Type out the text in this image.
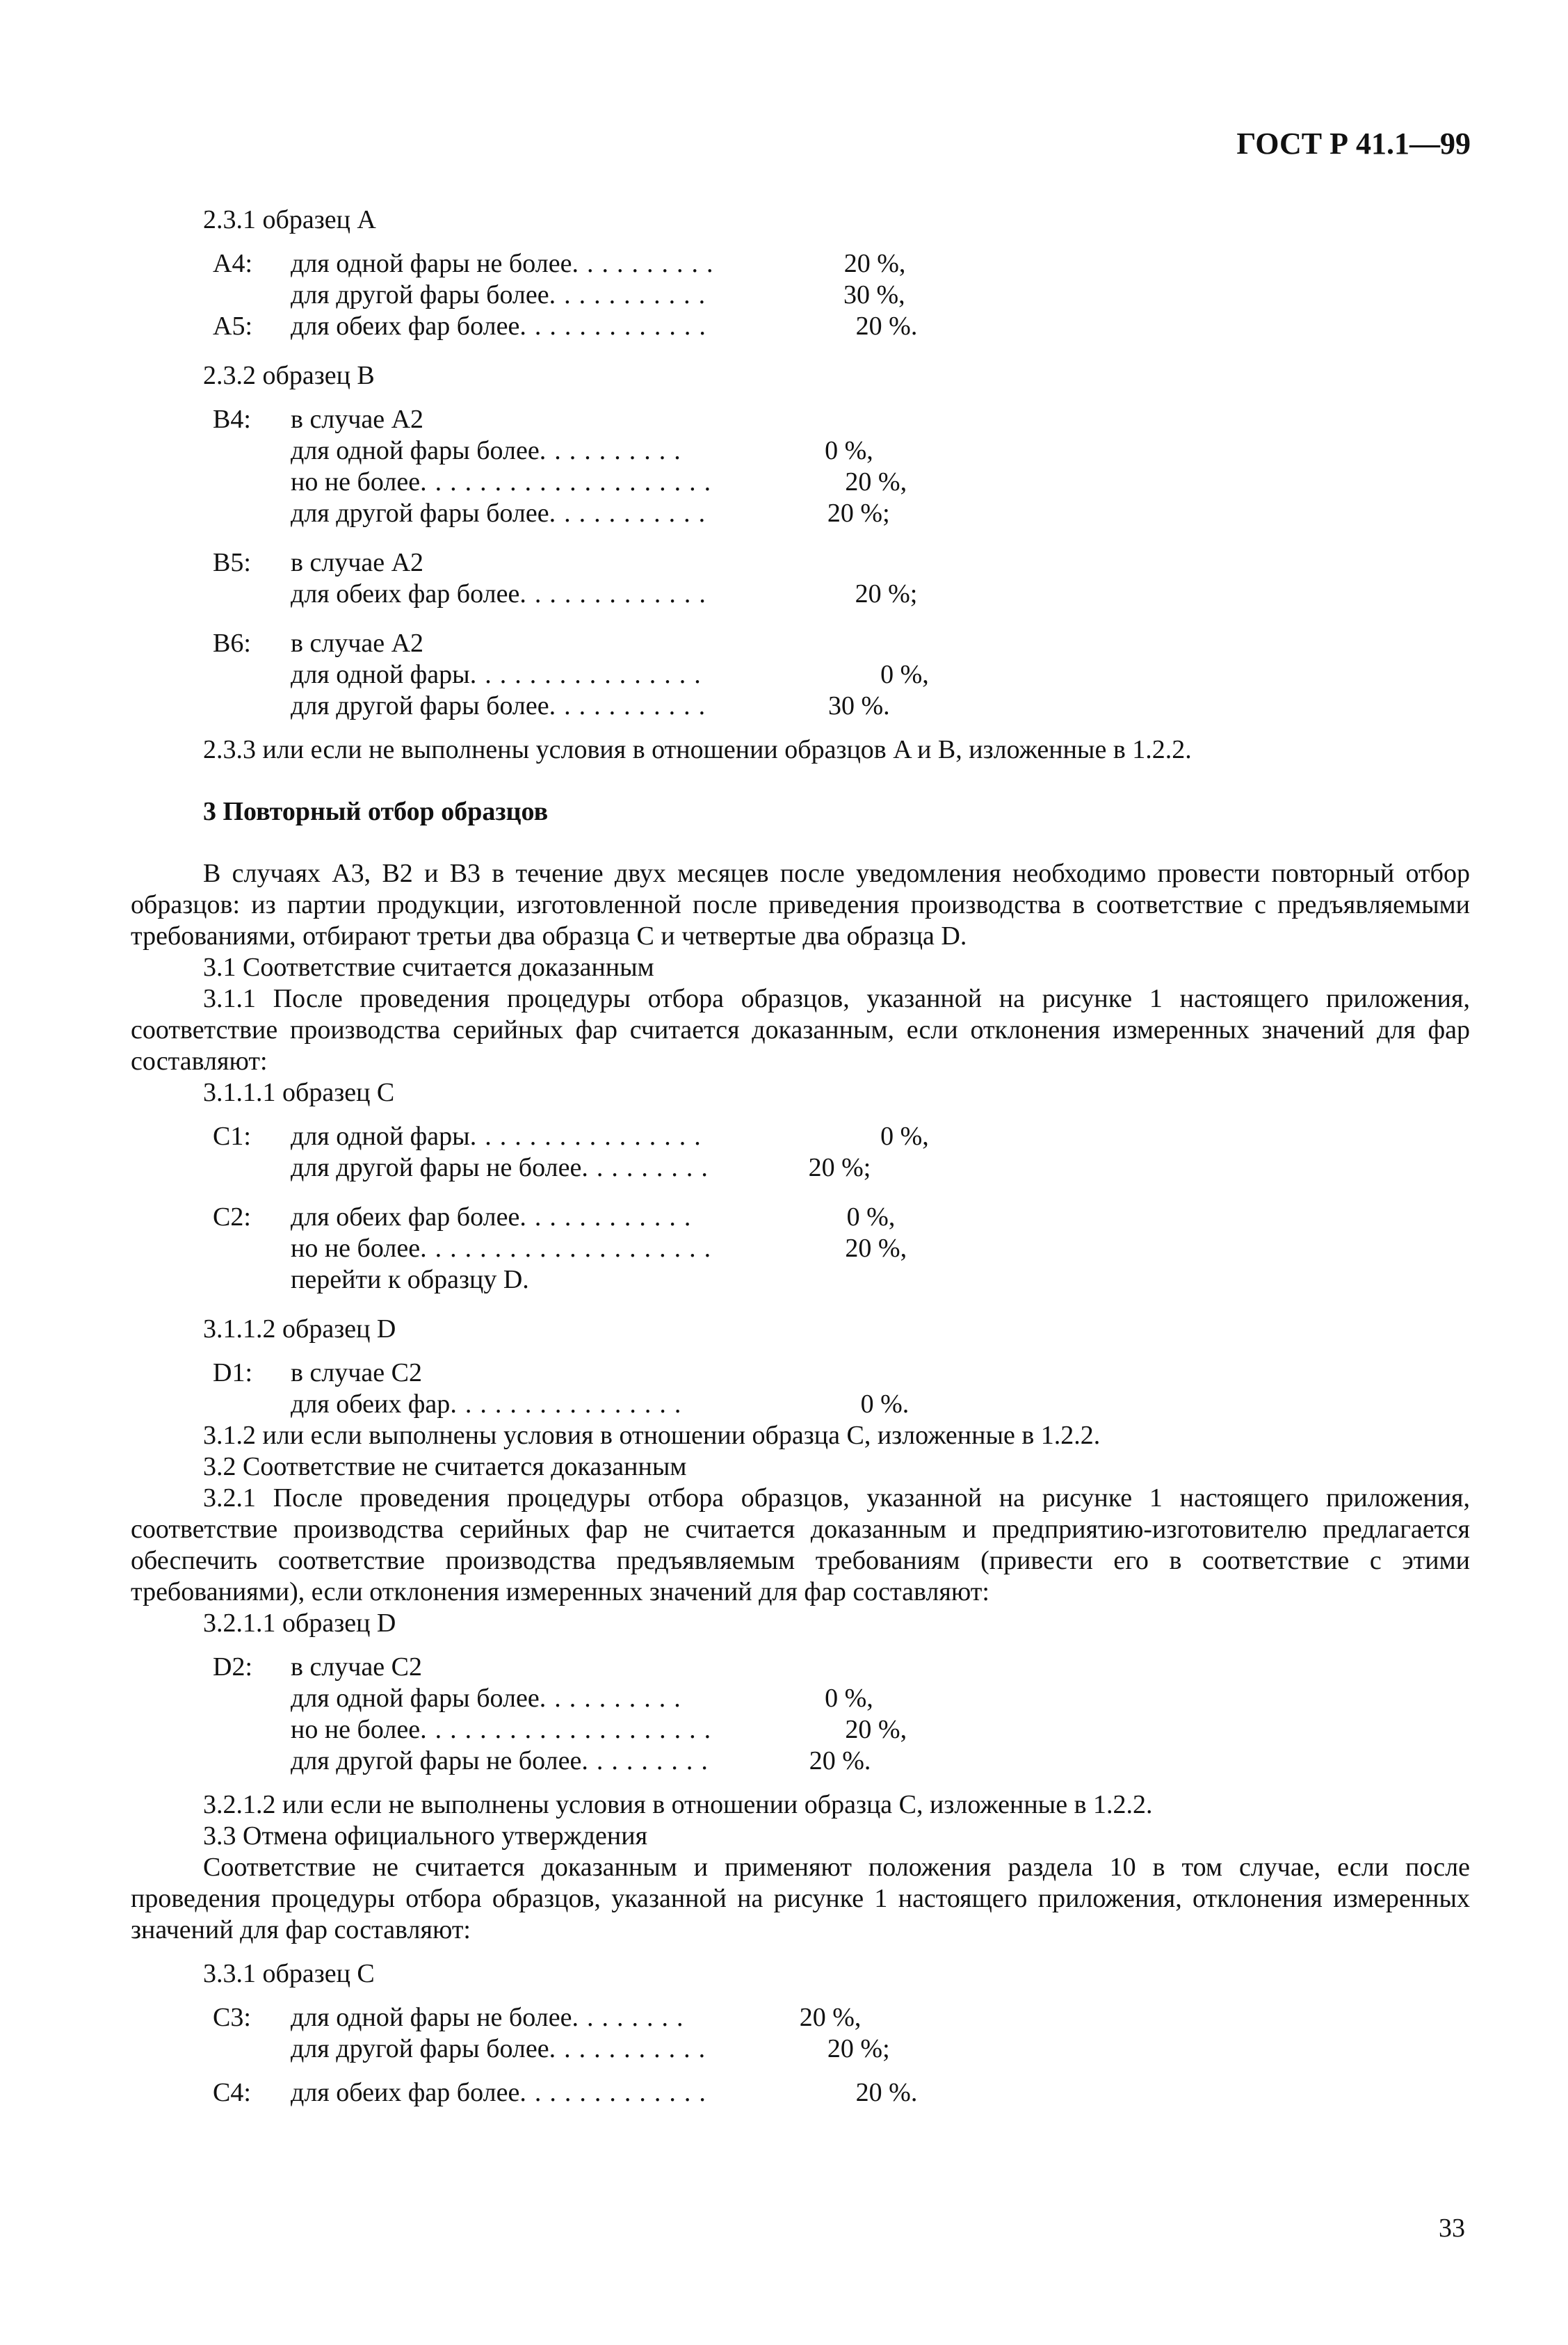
ГОСТ Р 41.1—99

2.3.1 образец A

A4:	для одной фары не более ..........	20 %,
для другой фары более ...........	30 %,
A5:	для обеих фар более .............	20 %.

2.3.2 образец B

B4:	в случае A2
для одной фары более ..........	0 %,
но не более ....................	20 %,
для другой фары более ...........	20 %;
B5:	в случае A2
для обеих фар более .............	20 %;
B6:	в случае A2
для одной фары ................	0 %,
для другой фары более ...........	30 %.

2.3.3 или если не выполнены условия в отношении образцов A и B, изложенные в 1.2.2.

3 Повторный отбор образцов

В случаях A3, B2 и B3 в течение двух месяцев после уведомления необходимо провести повторный отбор образцов: из партии продукции, изготовленной после приведения производства в соответствие с предъявляемыми требованиями, отбирают третьи два образца C и четвертые два образца D.

3.1 Соответствие считается доказанным

3.1.1 После проведения процедуры отбора образцов, указанной на рисунке 1 настоящего приложения, соответствие производства серийных фар считается доказанным, если отклонения измеренных значений для фар составляют:

3.1.1.1 образец C

C1:	для одной фары ................	0 %,
для другой фары не более .........	20 %;
C2:	для обеих фар более ............	0 %,
но не более ....................	20 %,
перейти к образцу D.

3.1.1.2 образец D

D1:	в случае C2
для обеих фар ................	0 %.

3.1.2 или если выполнены условия в отношении образца C, изложенные в 1.2.2.

3.2 Соответствие не считается доказанным

3.2.1 После проведения процедуры отбора образцов, указанной на рисунке 1 настоящего приложения, соответствие производства серийных фар не считается доказанным и предприятию-изготовителю предлагается обеспечить соответствие производства предъявляемым требованиям (привести его в соответствие с этими требованиями), если отклонения измеренных значений для фар составляют:

3.2.1.1 образец D

D2:	в случае C2
для одной фары более ..........	0 %,
но не более ....................	20 %,
для другой фары не более .........	20 %.

3.2.1.2 или если не выполнены условия в отношении образца C, изложенные в 1.2.2.

3.3 Отмена официального утверждения

Соответствие не считается доказанным и применяют положения раздела 10 в том случае, если после проведения процедуры отбора образцов, указанной на рисунке 1 настоящего приложения, отклонения измеренных значений для фар составляют:

3.3.1 образец C

C3:	для одной фары не более ........	20 %,
для другой фары более ...........	20 %;
C4:	для обеих фар более .............	20 %.
33
